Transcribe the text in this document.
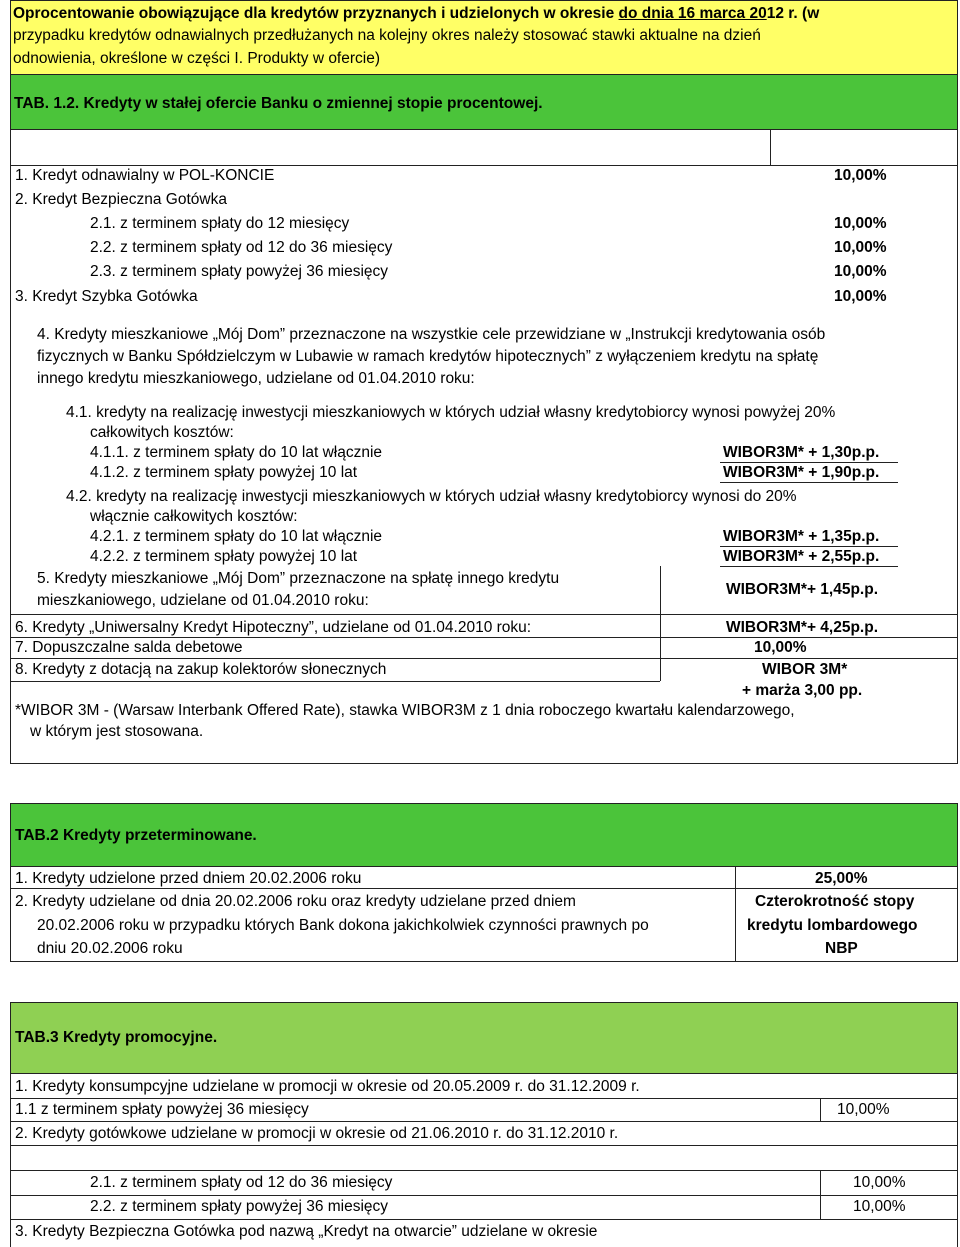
Oprocentowanie obowiązujące dla kredytów przyznanych i udzielonych w okresie do dnia 16 marca 2012 r. (w
przypadku kredytów odnawialnych przedłużanych na kolejny okres należy stosować stawki aktualne na dzień
odnowienia, określone w części I. Produkty w ofercie)
TAB. 1.2. Kredyty w stałej ofercie Banku o zmiennej stopie procentowej.
1. Kredyt odnawialny w POL-KONCIE	10,00%
2. Kredyt Bezpieczna Gotówka
2.1. z terminem spłaty do 12 miesięcy	10,00%
2.2. z terminem spłaty od 12 do 36 miesięcy	10,00%
2.3. z terminem spłaty powyżej 36 miesięcy	10,00%
3. Kredyt Szybka Gotówka	10,00%
4. Kredyty mieszkaniowe „Mój Dom” przeznaczone na wszystkie cele przewidziane w „Instrukcji kredytowania osób
fizycznych w Banku Spółdzielczym w Lubawie w ramach kredytów hipotecznych” z wyłączeniem kredytu na spłatę
innego kredytu mieszkaniowego, udzielane od 01.04.2010 roku:
4.1. kredyty na realizację inwestycji mieszkaniowych w których udział własny kredytobiorcy wynosi powyżej 20%
całkowitych kosztów:
4.1.1. z terminem spłaty do 10 lat włącznie	WIBOR3M* + 1,30p.p.
4.1.2. z terminem spłaty powyżej 10 lat	WIBOR3M* + 1,90p.p.
4.2. kredyty na realizację inwestycji mieszkaniowych w których udział własny kredytobiorcy wynosi do 20%
włącznie całkowitych kosztów:
4.2.1. z terminem spłaty do 10 lat włącznie	WIBOR3M* + 1,35p.p.
4.2.2. z terminem spłaty powyżej 10 lat	WIBOR3M* + 2,55p.p.
5. Kredyty mieszkaniowe „Mój Dom” przeznaczone na spłatę innego kredytu
mieszkaniowego, udzielane od 01.04.2010 roku:
WIBOR3M*+ 1,45p.p.
6. Kredyty „Uniwersalny Kredyt Hipoteczny”, udzielane od 01.04.2010 roku:	WIBOR3M*+ 4,25p.p.
7. Dopuszczalne salda debetowe	10,00%
8. Kredyty z dotacją na zakup kolektorów słonecznych	WIBOR 3M*
+ marża 3,00 pp.
*WIBOR 3M - (Warsaw Interbank Offered Rate), stawka WIBOR3M z 1 dnia roboczego kwartału kalendarzowego,
w którym jest stosowana.
TAB.2 Kredyty przeterminowane.
1. Kredyty udzielone przed dniem 20.02.2006 roku	25,00%
2. Kredyty udzielane od dnia 20.02.2006 roku oraz kredyty udzielane przed dniem
20.02.2006 roku w przypadku których Bank dokona jakichkolwiek czynności prawnych po
dniu 20.02.2006 roku
Czterokrotność stopy
kredytu lombardowego
NBP
TAB.3 Kredyty promocyjne.
1. Kredyty konsumpcyjne udzielane w promocji w okresie od 20.05.2009 r. do 31.12.2009 r.
1.1 z terminem spłaty powyżej 36 miesięcy	10,00%
2. Kredyty gotówkowe udzielane w promocji w okresie od 21.06.2010 r. do 31.12.2010 r.
2.1. z terminem spłaty od 12 do 36 miesięcy	10,00%
2.2. z terminem spłaty powyżej 36 miesięcy	10,00%
3. Kredyty Bezpieczna Gotówka pod nazwą „Kredyt na otwarcie” udzielane w okresie
